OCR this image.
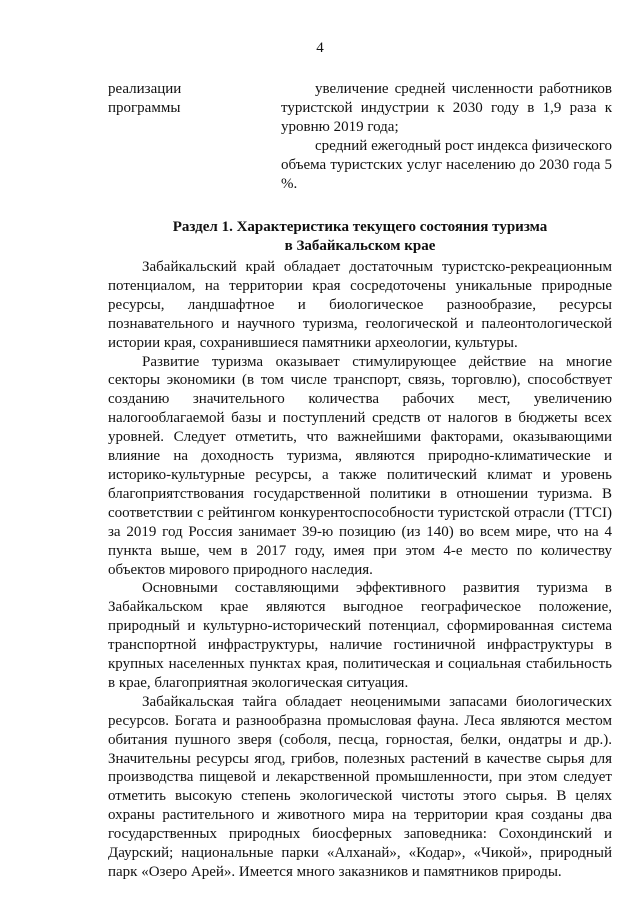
4
реализации
программы

увеличение средней численности работников туристской индустрии к 2030 году в 1,9 раза к уровню 2019 года;

средний ежегодный рост индекса физического объема туристских услуг населению до 2030 года 5 %.

Раздел 1. Характеристика текущего состояния туризма
в Забайкальском крае

Забайкальский край обладает достаточным туристско-рекреационным потенциалом, на территории края сосредоточены уникальные природные ресурсы, ландшафтное и биологическое разнообразие, ресурсы познавательного и научного туризма, геологической и палеонтологической истории края, сохранившиеся памятники археологии, культуры.

Развитие туризма оказывает стимулирующее действие на многие секторы экономики (в том числе транспорт, связь, торговлю), способствует созданию значительного количества рабочих мест, увеличению налогооблагаемой базы и поступлений средств от налогов в бюджеты всех уровней. Следует отметить, что важнейшими факторами, оказывающими влияние на доходность туризма, являются природно-климатические и историко-культурные ресурсы, а также политический климат и уровень благоприятствования государственной политики в отношении туризма. В соответствии с рейтингом конкурентоспособности туристской отрасли (TTCI) за 2019 год Россия занимает 39-ю позицию (из 140) во всем мире, что на 4 пункта выше, чем в 2017 году, имея при этом 4-е место по количеству объектов мирового природного наследия.

Основными составляющими эффективного развития туризма в Забайкальском крае являются выгодное географическое положение, природный и культурно-исторический потенциал, сформированная система транспортной инфраструктуры, наличие гостиничной инфраструктуры в крупных населенных пунктах края, политическая и социальная стабильность в крае, благоприятная экологическая ситуация.

Забайкальская тайга обладает неоценимыми запасами биологических ресурсов. Богата и разнообразна промысловая фауна. Леса являются местом обитания пушного зверя (соболя, песца, горностая, белки, ондатры и др.). Значительны ресурсы ягод, грибов, полезных растений в качестве сырья для производства пищевой и лекарственной промышленности, при этом следует отметить высокую степень экологической чистоты этого сырья. В целях охраны растительного и животного мира на территории края созданы два государственных природных биосферных заповедника: Сохондинский и Даурский; национальные парки «Алханай», «Кодар», «Чикой», природный парк «Озеро Арей». Имеется много заказников и памятников природы.
